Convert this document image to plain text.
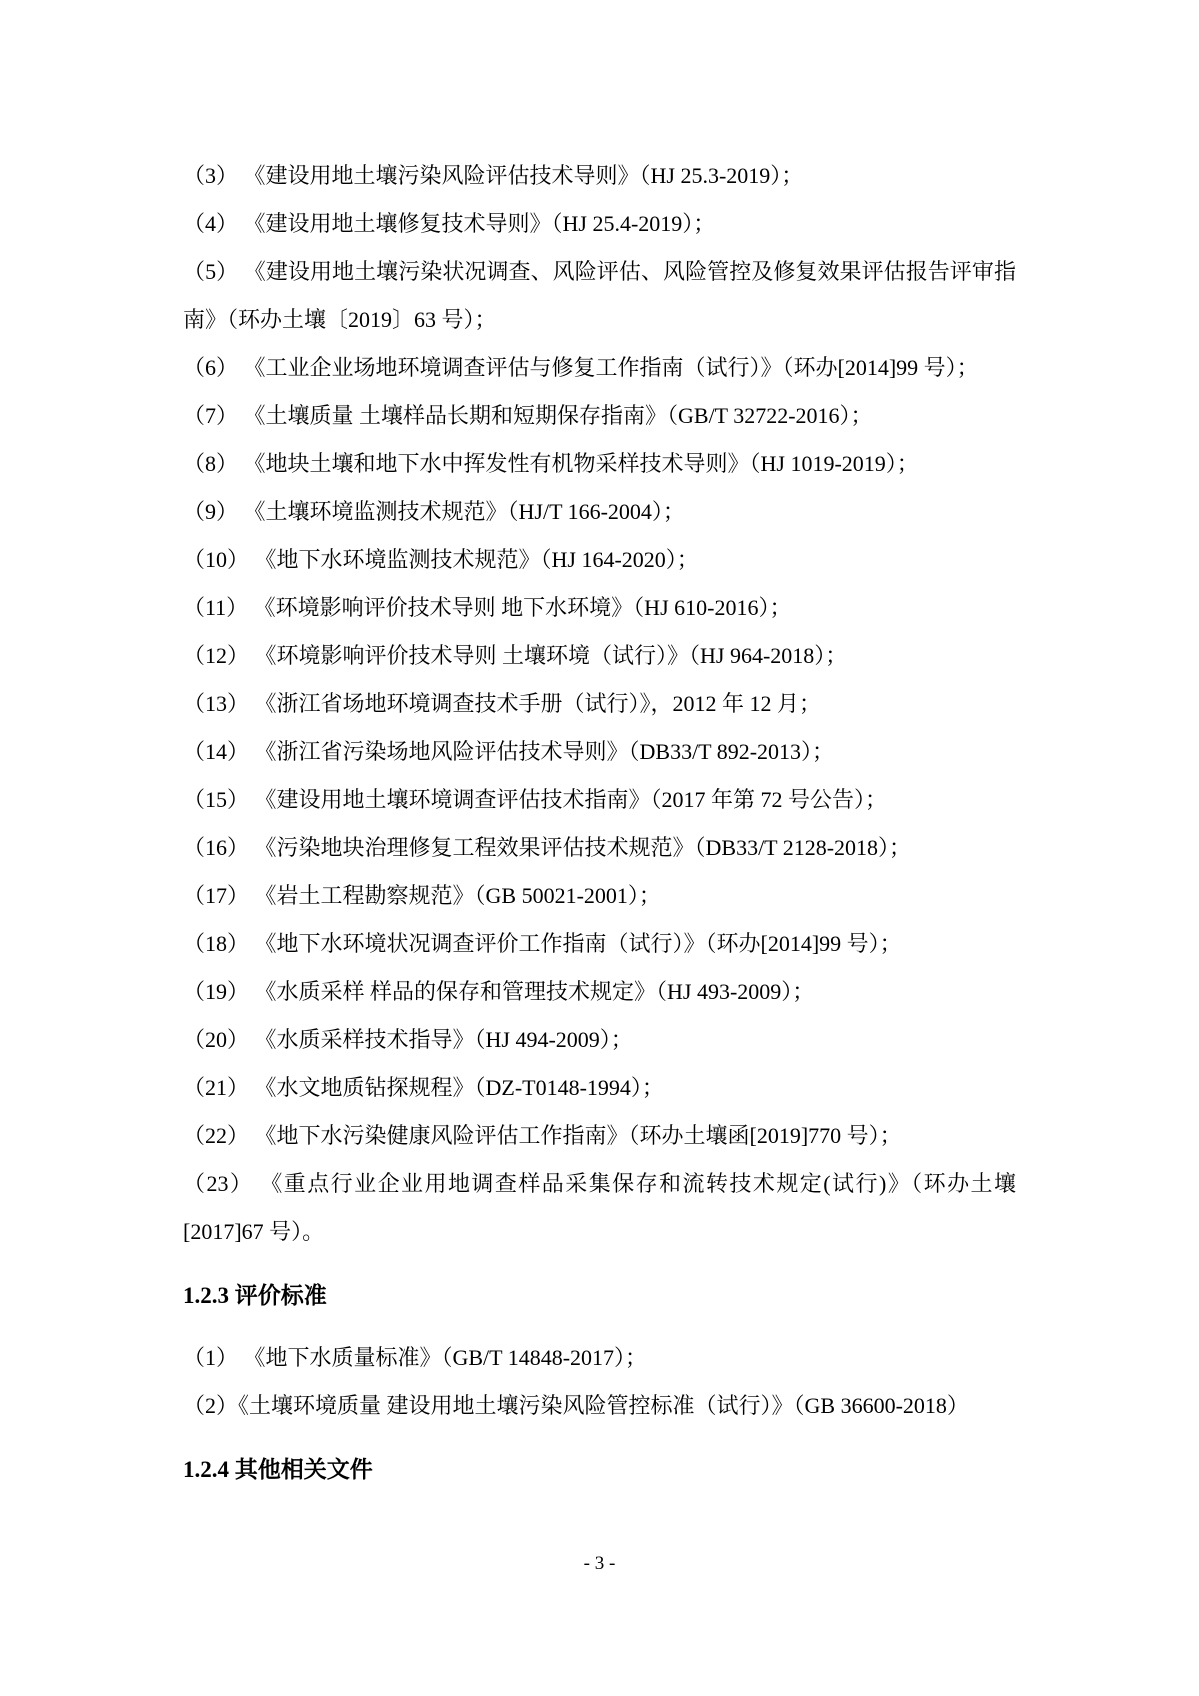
（3） 《建设用地土壤污染风险评估技术导则》（HJ 25.3-2019）；

（4） 《建设用地土壤修复技术导则》（HJ 25.4-2019）；

（5） 《建设用地土壤污染状况调查、风险评估、风险管控及修复效果评估报告评审指南》（环办土壤〔2019〕63 号）；

（6） 《工业企业场地环境调查评估与修复工作指南（试行）》（环办[2014]99 号）；

（7） 《土壤质量 土壤样品长期和短期保存指南》（GB/T 32722-2016）；

（8） 《地块土壤和地下水中挥发性有机物采样技术导则》（HJ 1019-2019）；

（9） 《土壤环境监测技术规范》（HJ/T 166-2004）；

（10） 《地下水环境监测技术规范》（HJ 164-2020）；

（11） 《环境影响评价技术导则 地下水环境》（HJ 610-2016）；

（12） 《环境影响评价技术导则 土壤环境（试行）》（HJ 964-2018）；

（13） 《浙江省场地环境调查技术手册（试行）》，2012 年 12 月；

（14） 《浙江省污染场地风险评估技术导则》（DB33/T 892-2013）；

（15） 《建设用地土壤环境调查评估技术指南》（2017 年第 72 号公告）；

（16） 《污染地块治理修复工程效果评估技术规范》（DB33/T 2128-2018）；

（17） 《岩土工程勘察规范》（GB 50021-2001）；

（18） 《地下水环境状况调查评价工作指南（试行）》（环办[2014]99 号）；

（19） 《水质采样 样品的保存和管理技术规定》（HJ 493-2009）；

（20） 《水质采样技术指导》（HJ 494-2009）；

（21） 《水文地质钻探规程》（DZ-T0148-1994）；

（22） 《地下水污染健康风险评估工作指南》（环办土壤函[2019]770 号）；

（23） 《重点行业企业用地调查样品采集保存和流转技术规定(试行)》（环办土壤[2017]67 号）。

1.2.3 评价标准

（1） 《地下水质量标准》（GB/T 14848-2017）；

（2）《土壤环境质量 建设用地土壤污染风险管控标准（试行）》（GB 36600-2018）

1.2.4 其他相关文件
- 3 -
